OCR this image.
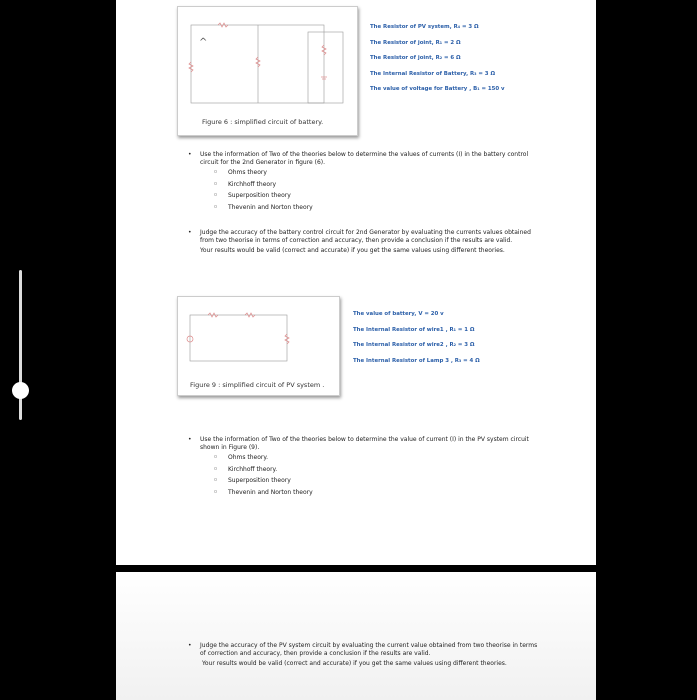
^
Figure 6 : simplified circuit of battery.
The Resistor of PV system, R₄ = 3 Ω
The Resistor of joint, R₁ = 2 Ω
The Resistor of joint, R₂ = 6 Ω
The Internal Resistor of Battery, R₃ = 3 Ω
The value of voltage for Battery , B₁ = 150 v
• Use the information of Two of the theories below to determine the values of currents (I) in the battery control circuit for the 2nd Generator in figure (6).
o Ohms theory
o Kirchhoff theory
o Superposition theory
o Thevenin and Norton theory
• Judge the accuracy of the battery control circuit for 2nd Generator by evaluating the currents values obtained from two theorise in terms of correction and accuracy, then provide a conclusion if the results are valid.
Your results would be valid (correct and accurate) if you get the same values using different theories.
Figure 9 : simplified circuit of PV system .
The value of battery, V = 20 v
The Internal Resistor of wire1 , R₁ = 1 Ω
The Internal Resistor of wire2 , R₂ = 3 Ω
The Internal Resistor of Lamp 3 , R₃ = 4 Ω
• Use the information of Two of the theories below to determine the value of current (I) in the PV system circuit shown in Figure (9).
o Ohms theory.
o Kirchhoff theory.
o Superposition theory
o Thevenin and Norton theory
• Judge the accuracy of the PV system circuit by evaluating the current value obtained from two theorise in terms of correction and accuracy, then provide a conclusion if the results are valid.
Your results would be valid (correct and accurate) if you get the same values using different theories.
